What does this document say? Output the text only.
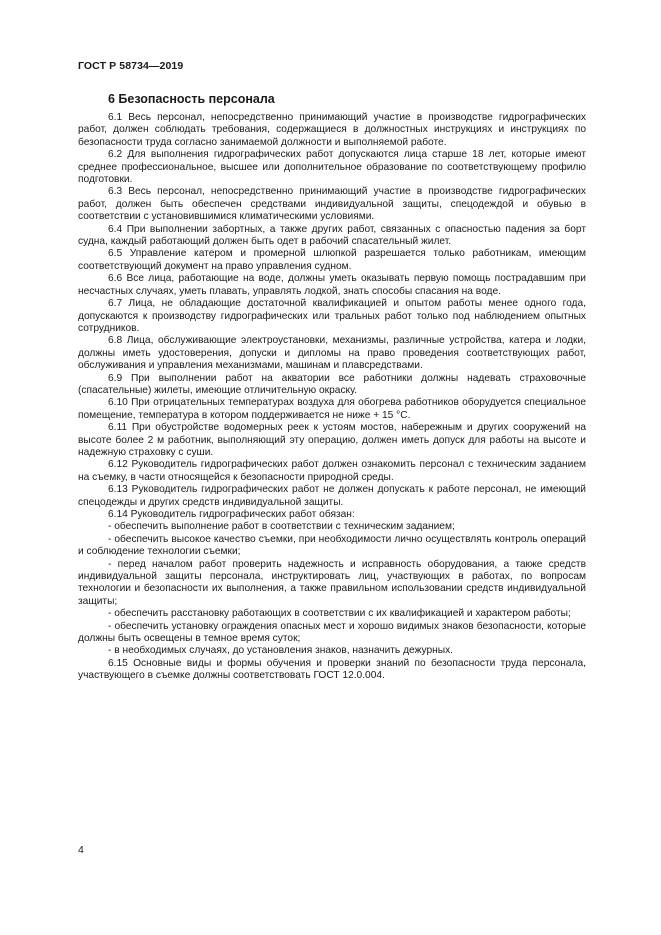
ГОСТ Р 58734—2019
6 Безопасность персонала

6.1 Весь персонал, непосредственно принимающий участие в производстве гидрографических работ, должен соблюдать требования, содержащиеся в должностных инструкциях и инструкциях по безопасности труда согласно занимаемой должности и выполняемой работе.

6.2 Для выполнения гидрографических работ допускаются лица старше 18 лет, которые имеют среднее профессиональное, высшее или дополнительное образование по соответствующему профилю подготовки.

6.3 Весь персонал, непосредственно принимающий участие в производстве гидрографических работ, должен быть обеспечен средствами индивидуальной защиты, спецодеждой и обувью в соответствии с установившимися климатическими условиями.

6.4 При выполнении забортных, а также других работ, связанных с опасностью падения за борт судна, каждый работающий должен быть одет в рабочий спасательный жилет.

6.5 Управление катером и промерной шлюпкой разрешается только работникам, имеющим соответствующий документ на право управления судном.

6.6 Все лица, работающие на воде, должны уметь оказывать первую помощь пострадавшим при несчастных случаях, уметь плавать, управлять лодкой, знать способы спасания на воде.

6.7 Лица, не обладающие достаточной квалификацией и опытом работы менее одного года, допускаются к производству гидрографических или тральных работ только под наблюдением опытных сотрудников.

6.8 Лица, обслуживающие электроустановки, механизмы, различные устройства, катера и лодки, должны иметь удостоверения, допуски и дипломы на право проведения соответствующих работ, обслуживания и управления механизмами, машинам и плавсредствами.

6.9 При выполнении работ на акватории все работники должны надевать страховочные (спасательные) жилеты, имеющие отличительную окраску.

6.10 При отрицательных температурах воздуха для обогрева работников оборудуется специальное помещение, температура в котором поддерживается не ниже + 15 °C.

6.11 При обустройстве водомерных реек к устоям мостов, набережным и других сооружений на высоте более 2 м работник, выполняющий эту операцию, должен иметь допуск для работы на высоте и надежную страховку с суши.

6.12 Руководитель гидрографических работ должен ознакомить персонал с техническим заданием на съемку, в части относящейся к безопасности природной среды.

6.13 Руководитель гидрографических работ не должен допускать к работе персонал, не имеющий спецодежды и других средств индивидуальной защиты.

6.14 Руководитель гидрографических работ обязан:

- обеспечить выполнение работ в соответствии с техническим заданием;

- обеспечить высокое качество съемки, при необходимости лично осуществлять контроль операций и соблюдение технологии съемки;

- перед началом работ проверить надежность и исправность оборудования, а также средств индивидуальной защиты персонала, инструктировать лиц, участвующих в работах, по вопросам технологии и безопасности их выполнения, а также правильном использовании средств индивидуальной защиты;

- обеспечить расстановку работающих в соответствии с их квалификацией и характером работы;

- обеспечить установку ограждения опасных мест и хорошо видимых знаков безопасности, которые должны быть освещены в темное время суток;

- в необходимых случаях, до установления знаков, назначить дежурных.

6.15 Основные виды и формы обучения и проверки знаний по безопасности труда персонала, участвующего в съемке должны соответствовать ГОСТ 12.0.004.

4
